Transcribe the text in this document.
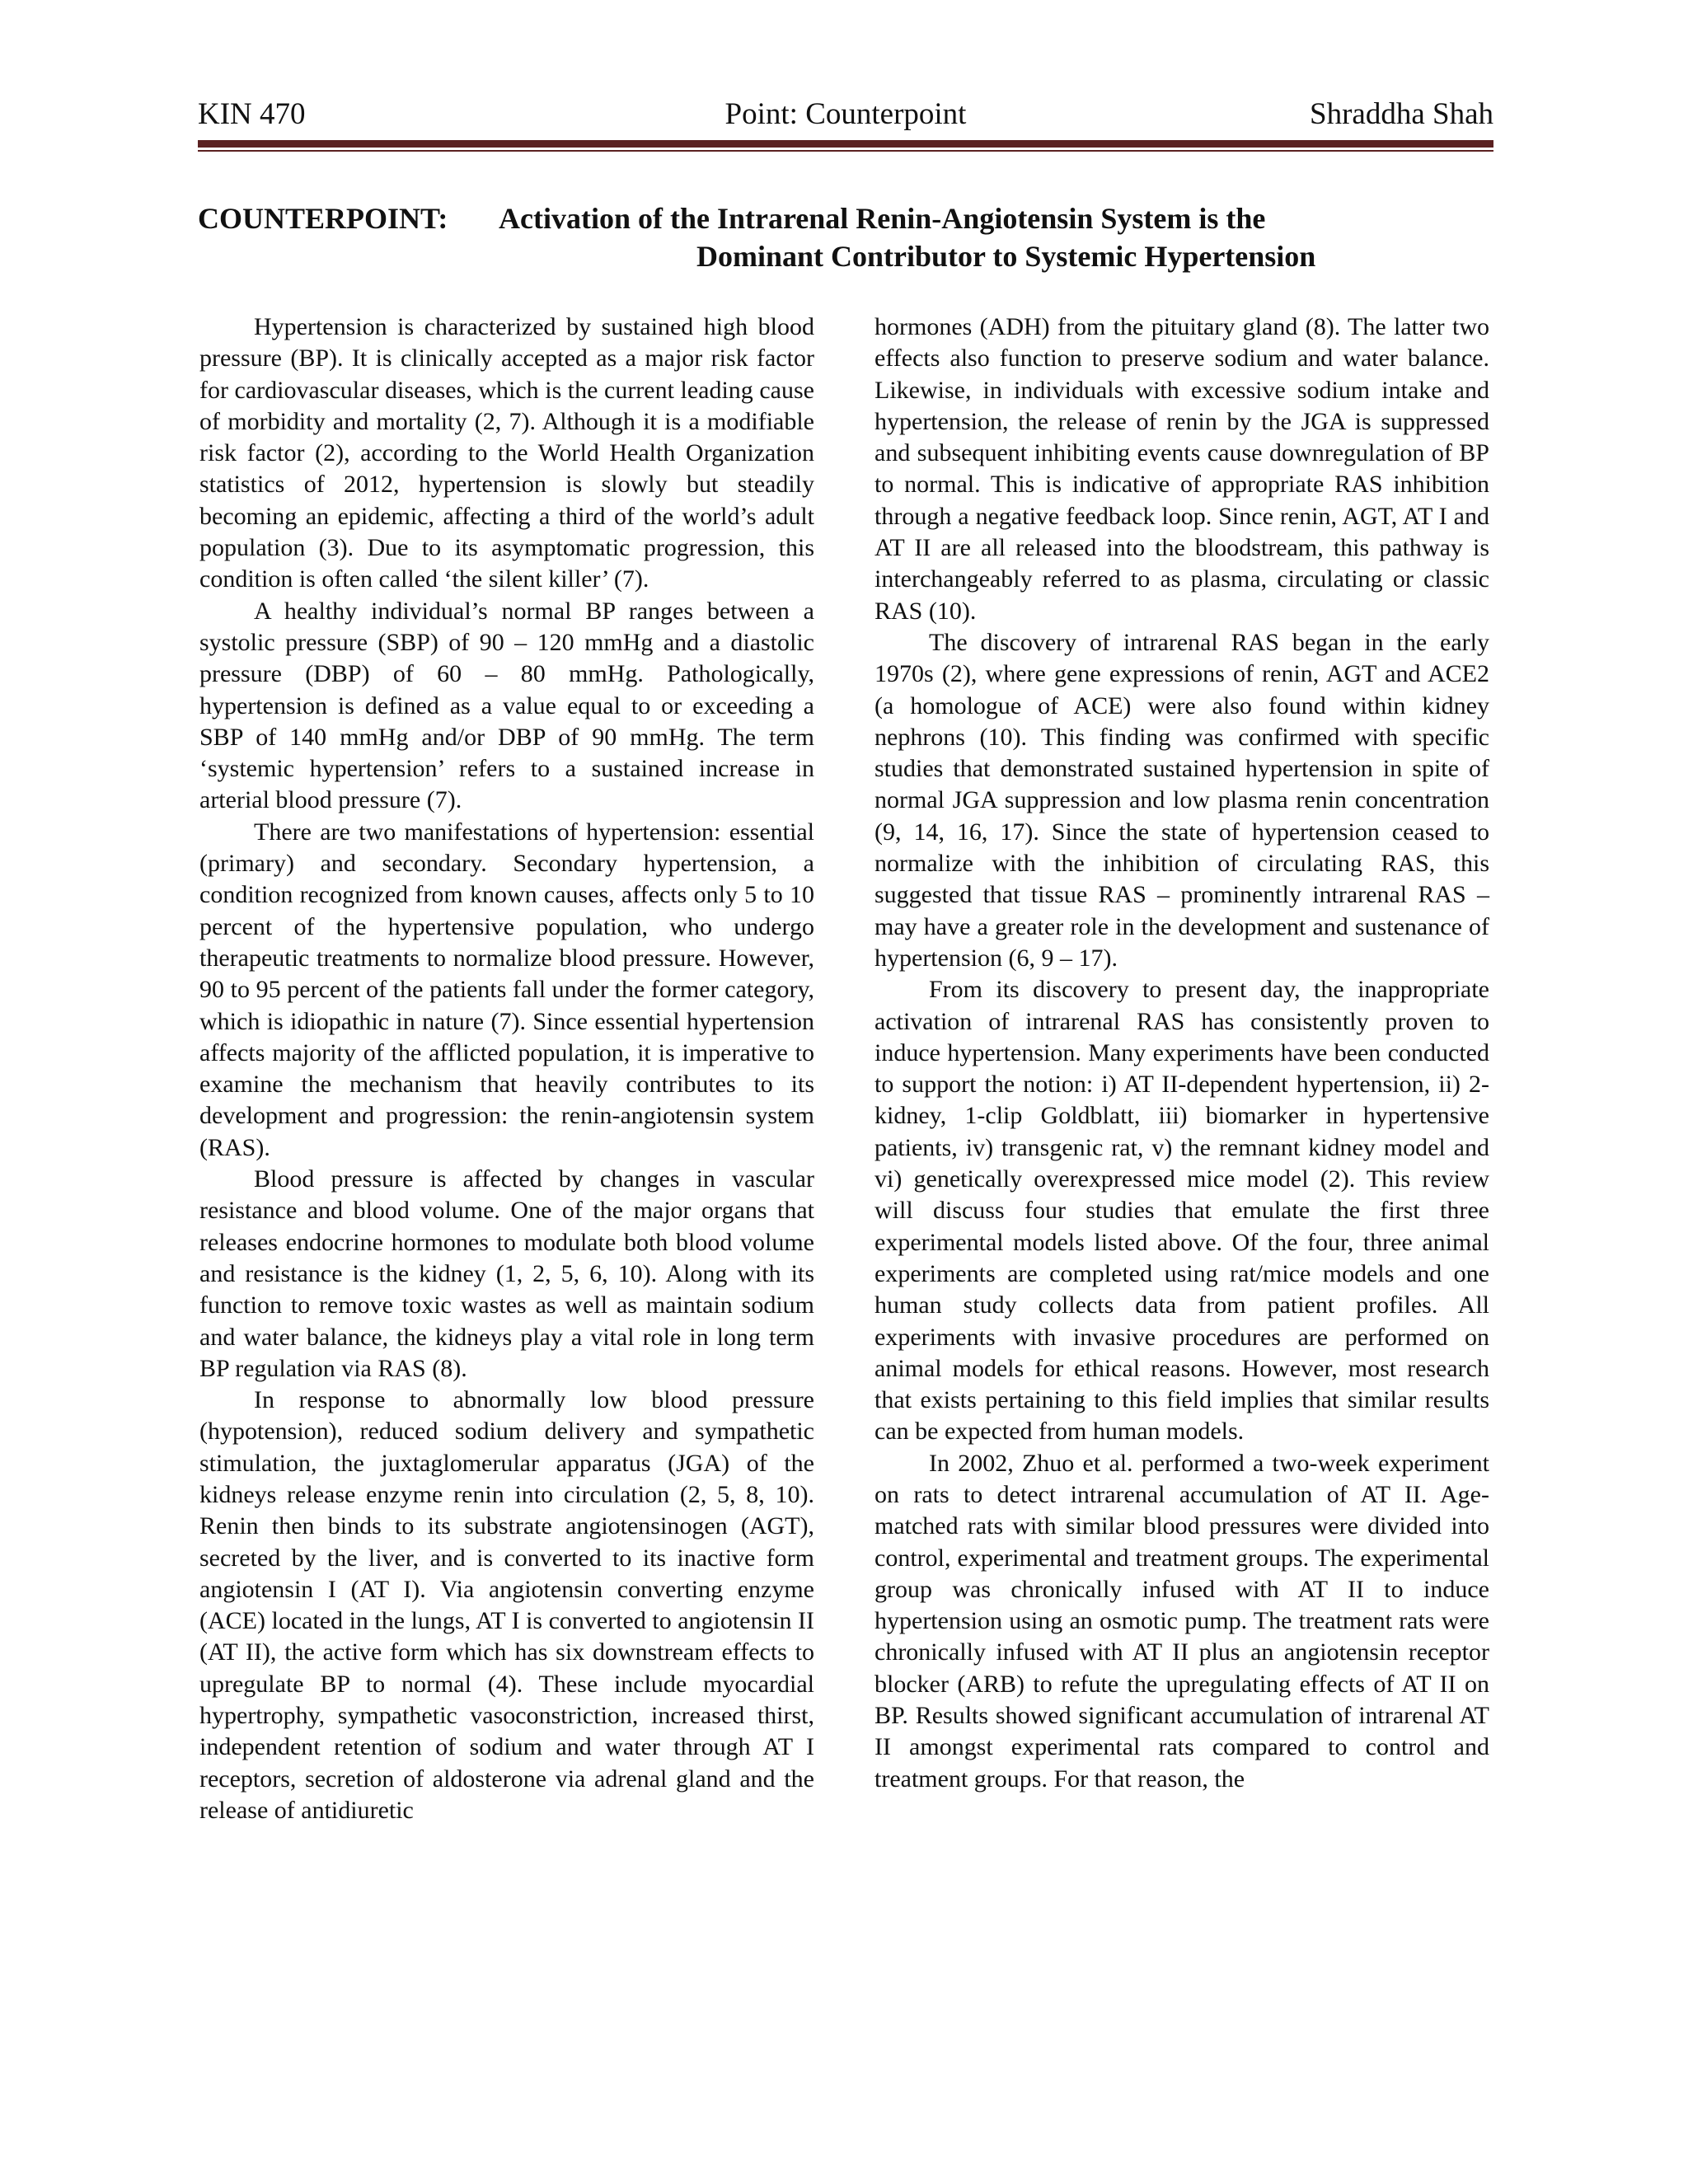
KIN 470	Point: Counterpoint	Shraddha Shah
COUNTERPOINT: Activation of the Intrarenal Renin-Angiotensin System is the
Dominant Contributor to Systemic Hypertension

Hypertension is characterized by sustained high blood pressure (BP). It is clinically accepted as a major risk factor for cardiovascular diseases, which is the current leading cause of morbidity and mortality (2, 7). Although it is a modifiable risk factor (2), according to the World Health Organization statistics of 2012, hypertension is slowly but steadily becoming an epidemic, affecting a third of the world’s adult population (3). Due to its asymptomatic progression, this condition is often called ‘the silent killer’ (7).

A healthy individual’s normal BP ranges between a systolic pressure (SBP) of 90 – 120 mmHg and a diastolic pressure (DBP) of 60 – 80 mmHg. Pathologically, hypertension is defined as a value equal to or exceeding a SBP of 140 mmHg and/or DBP of 90 mmHg. The term ‘systemic hypertension’ refers to a sustained increase in arterial blood pressure (7).

There are two manifestations of hypertension: essential (primary) and secondary. Secondary hypertension, a condition recognized from known causes, affects only 5 to 10 percent of the hypertensive population, who undergo therapeutic treatments to normalize blood pressure. However, 90 to 95 percent of the patients fall under the former category, which is idiopathic in nature (7). Since essential hypertension affects majority of the afflicted population, it is imperative to examine the mechanism that heavily contributes to its development and progression: the renin-angiotensin system (RAS).

Blood pressure is affected by changes in vascular resistance and blood volume. One of the major organs that releases endocrine hormones to modulate both blood volume and resistance is the kidney (1, 2, 5, 6, 10). Along with its function to remove toxic wastes as well as maintain sodium and water balance, the kidneys play a vital role in long term BP regulation via RAS (8).

In response to abnormally low blood pressure (hypotension), reduced sodium delivery and sympathetic stimulation, the juxtaglomerular apparatus (JGA) of the kidneys release enzyme renin into circulation (2, 5, 8, 10). Renin then binds to its substrate angiotensinogen (AGT), secreted by the liver, and is converted to its inactive form angiotensin I (AT I). Via angiotensin converting enzyme (ACE) located in the lungs, AT I is converted to angiotensin II (AT II), the active form which has six downstream effects to upregulate BP to normal (4). These include myocardial hypertrophy, sympathetic vasoconstriction, increased thirst, independent retention of sodium and water through AT I receptors, secretion of aldosterone via adrenal gland and the release of antidiuretic

hormones (ADH) from the pituitary gland (8). The latter two effects also function to preserve sodium and water balance. Likewise, in individuals with excessive sodium intake and hypertension, the release of renin by the JGA is suppressed and subsequent inhibiting events cause downregulation of BP to normal. This is indicative of appropriate RAS inhibition through a negative feedback loop. Since renin, AGT, AT I and AT II are all released into the bloodstream, this pathway is interchangeably referred to as plasma, circulating or classic RAS (10).

The discovery of intrarenal RAS began in the early 1970s (2), where gene expressions of renin, AGT and ACE2 (a homologue of ACE) were also found within kidney nephrons (10). This finding was confirmed with specific studies that demonstrated sustained hypertension in spite of normal JGA suppression and low plasma renin concentration (9, 14, 16, 17). Since the state of hypertension ceased to normalize with the inhibition of circulating RAS, this suggested that tissue RAS – prominently intrarenal RAS – may have a greater role in the development and sustenance of hypertension (6, 9 – 17).

From its discovery to present day, the inappropriate activation of intrarenal RAS has consistently proven to induce hypertension. Many experiments have been conducted to support the notion: i) AT II-dependent hypertension, ii) 2-kidney, 1-clip Goldblatt, iii) biomarker in hypertensive patients, iv) transgenic rat, v) the remnant kidney model and vi) genetically overexpressed mice model (2). This review will discuss four studies that emulate the first three experimental models listed above. Of the four, three animal experiments are completed using rat/mice models and one human study collects data from patient profiles. All experiments with invasive procedures are performed on animal models for ethical reasons. However, most research that exists pertaining to this field implies that similar results can be expected from human models.

In 2002, Zhuo et al. performed a two-week experiment on rats to detect intrarenal accumulation of AT II. Age-matched rats with similar blood pressures were divided into control, experimental and treatment groups. The experimental group was chronically infused with AT II to induce hypertension using an osmotic pump. The treatment rats were chronically infused with AT II plus an angiotensin receptor blocker (ARB) to refute the upregulating effects of AT II on BP. Results showed significant accumulation of intrarenal AT II amongst experimental rats compared to control and treatment groups. For that reason, the
